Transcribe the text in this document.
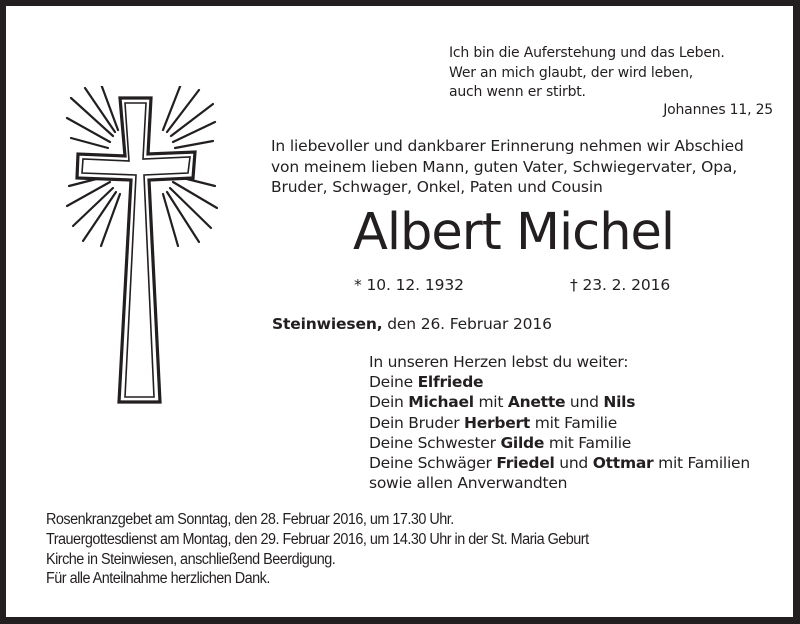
Ich bin die Auferstehung und das Leben.
Wer an mich glaubt, der wird leben,
auch wenn er stirbt.
Johannes 11, 25
In liebevoller und dankbarer Erinnerung nehmen wir Abschied
von meinem lieben Mann, guten Vater, Schwiegervater, Opa,
Bruder, Schwager, Onkel, Paten und Cousin
Albert Michel
* 10. 12. 1932	† 23. 2. 2016
Steinwiesen, den 26. Februar 2016
In unseren Herzen lebst du weiter:
Deine Elfriede
Dein Michael mit Anette und Nils
Dein Bruder Herbert mit Familie
Deine Schwester Gilde mit Familie
Deine Schwäger Friedel und Ottmar mit Familien
sowie allen Anverwandten
Rosenkranzgebet am Sonntag, den 28. Februar 2016, um 17.30 Uhr.
Trauergottesdienst am Montag, den 29. Februar 2016, um 14.30 Uhr in der St. Maria Geburt
Kirche in Steinwiesen, anschließend Beerdigung.
Für alle Anteilnahme herzlichen Dank.
